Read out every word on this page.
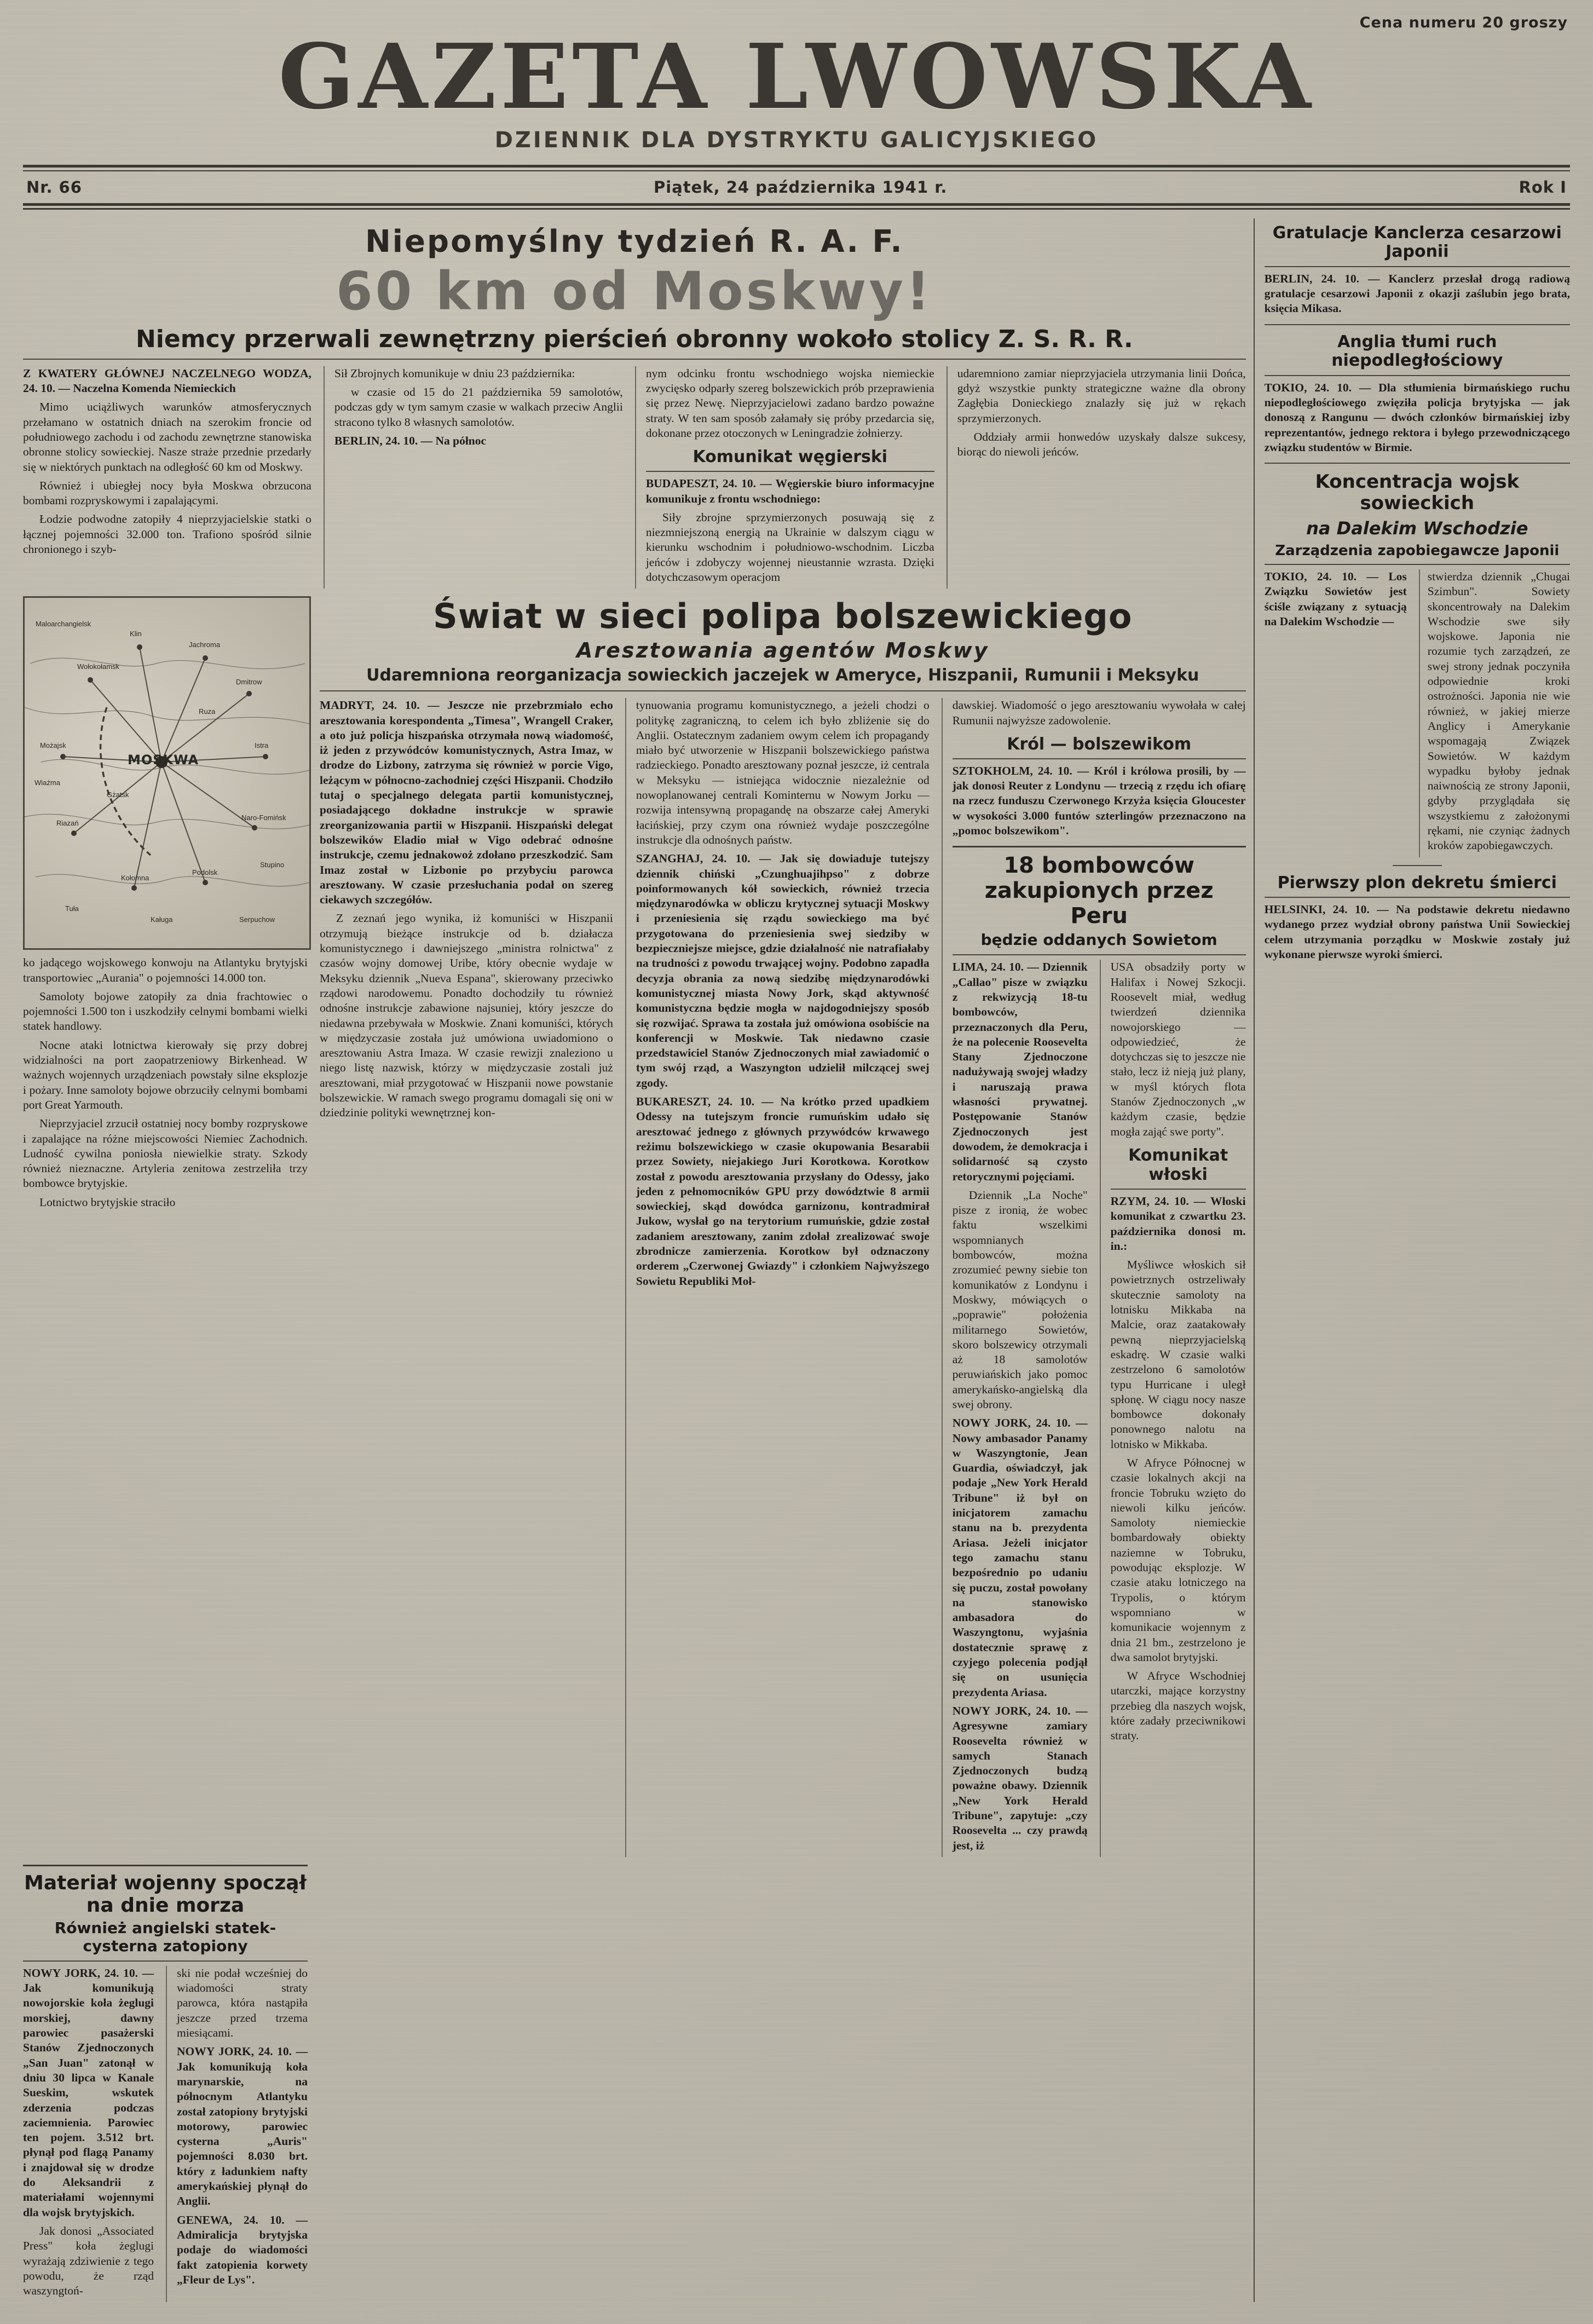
Cena numeru 20 groszy
GAZETA LWOWSKA
DZIENNIK DLA DYSTRYKTU GALICYJSKIEGO
Nr. 66	Piątek, 24 października 1941 r.	Rok I
Niepomyślny tydzień R. A. F.
60 km od Moskwy!
Niemcy przerwali zewnętrzny pierścień obronny wokoło stolicy Z. S. R. R.

Z KWATERY GŁÓWNEJ NACZELNEGO WODZA, 24. 10. — Naczelna Komenda Niemieckich

Mimo uciążliwych warunków atmosferycznych przełamano w ostatnich dniach na szerokim froncie od południowego zachodu i od zachodu zewnętrzne stanowiska obronne stolicy sowieckiej. Nasze straże przednie przedarły się w niektórych punktach na odległość 60 km od Moskwy.

Również i ubiegłej nocy była Moskwa obrzucona bombami rozpryskowymi i zapalającymi.

Łodzie podwodne zatopiły 4 nieprzyjacielskie statki o łącznej pojemności 32.000 ton. Trafiono spośród silnie chronionego i szyb-

Sił Zbrojnych komunikuje w dniu 23 października:

w czasie od 15 do 21 października 59 samolotów, podczas gdy w tym samym czasie w walkach przeciw Anglii stracono tylko 8 własnych samolotów.

BERLIN, 24. 10. — Na północ

nym odcinku frontu wschodniego wojska niemieckie zwycięsko odparły szereg bolszewickich prób przeprawienia się przez Newę. Nieprzyjacielowi zadano bardzo poważne straty. W ten sam sposób załamały się próby przedarcia się, dokonane przez otoczonych w Leningradzie żołnierzy.

Komunikat węgierski

BUDAPESZT, 24. 10. — Węgierskie biuro informacyjne komunikuje z frontu wschodniego:

Siły zbrojne sprzymierzonych posuwają się z niezmniejszoną energią na Ukrainie w dalszym ciągu w kierunku wschodnim i południowo-wschodnim. Liczba jeńców i zdobyczy wojennej nieustannie wzrasta. Dzięki dotychczasowym operacjom

udaremniono zamiar nieprzyjaciela utrzymania linii Dońca, gdyż wszystkie punkty strategiczne ważne dla obrony Zagłębia Donieckiego znalazły się już w rękach sprzymierzonych.

Oddziały armii honwedów uzyskały dalsze sukcesy, biorąc do niewoli jeńców.

Wołokołamsk
Klin
Jachroma
Dmitrow
Istra
Możajsk
Naro-Fomińsk
Podolsk
Kołomna
Riazań
Tuła
Kaługa	Serpuchow
Maloarchangielsk
Wiaźma
Gżatsk
Ruza
Stupino
MOSKWA

ko jadącego wojskowego konwoju na Atlantyku brytyjski transportowiec „Aurania" o pojemności 14.000 ton.

Samoloty bojowe zatopiły za dnia frachtowiec o pojemności 1.500 ton i uszkodziły celnymi bombami wielki statek handlowy.

Nocne ataki lotnictwa kierowały się przy dobrej widzialności na port zaopatrzeniowy Birkenhead. W ważnych wojennych urządzeniach powstały silne eksplozje i pożary. Inne samoloty bojowe obrzuciły celnymi bombami port Great Yarmouth.

Nieprzyjaciel zrzucił ostatniej nocy bomby rozpryskowe i zapalające na różne miejscowości Niemiec Zachodnich. Ludność cywilna poniosła niewielkie straty. Szkody również nieznaczne. Artyleria zenitowa zestrzeliła trzy bombowce brytyjskie.

Lotnictwo brytyjskie straciło

Świat w sieci polipa bolszewickiego
Aresztowania agentów Moskwy
Udaremniona reorganizacja sowieckich jaczejek w Ameryce, Hiszpanii, Rumunii i Meksyku

MADRYT, 24. 10. — Jeszcze nie przebrzmiało echo aresztowania korespondenta „Timesa", Wrangell Craker, a oto już policja hiszpańska otrzymała nową wiadomość, iż jeden z przywódców komunistycznych, Astra Imaz, w drodze do Lizbony, zatrzyma się również w porcie Vigo, leżącym w północno-zachodniej części Hiszpanii. Chodziło tutaj o specjalnego delegata partii komunistycznej, posiadającego dokładne instrukcje w sprawie zreorganizowania partii w Hiszpanii. Hiszpański delegat bolszewików Eladio miał w Vigo odebrać odnośne instrukcje, czemu jednakowoż zdołano przeszkodzić. Sam Imaz został w Lizbonie po przybyciu parowca aresztowany. W czasie przesłuchania podał on szereg ciekawych szczegółów.

Z zeznań jego wynika, iż komuniści w Hiszpanii otrzymują bieżące instrukcje od b. działacza komunistycznego i dawniejszego „ministra rolnictwa" z czasów wojny domowej Uribe, który obecnie wydaje w Meksyku dziennik „Nueva Espana", skierowany przeciwko rządowi narodowemu. Ponadto dochodziły tu również odnośne instrukcje zabawione najsuniej, który jeszcze do niedawna przebywała w Moskwie. Znani komuniści, których w międzyczasie została już umówiona uwiadomiono o aresztowaniu Astra Imaza. W czasie rewizji znaleziono u niego listę nazwisk, którzy w międzyczasie zostali już aresztowani, miał przygotować w Hiszpanii nowe powstanie bolszewickie. W ramach swego programu domagali się oni w dziedzinie polityki wewnętrznej kon-

tynuowania programu komunistycznego, a jeżeli chodzi o politykę zagraniczną, to celem ich było zbliżenie się do Anglii. Ostatecznym zadaniem owym celem ich propagandy miało być utworzenie w Hiszpanii bolszewickiego państwa radzieckiego. Ponadto aresztowany poznał jeszcze, iż centrala w Meksyku — istniejąca widocznie niezależnie od nowoplanowanej centrali Kominternu w Nowym Jorku — rozwija intensywną propagandę na obszarze całej Ameryki łacińskiej, przy czym ona również wydaje poszczególne instrukcje dla odnośnych państw.

SZANGHAJ, 24. 10. — Jak się dowiaduje tutejszy dziennik chiński „Czunghuajihpso" z dobrze poinformowanych kół sowieckich, również trzecia międzynarodówka w obliczu krytycznej sytuacji Moskwy i przeniesienia się rządu sowieckiego ma być przygotowana do przeniesienia swej siedziby w bezpieczniejsze miejsce, gdzie działalność nie natrafiałaby na trudności z powodu trwającej wojny. Podobno zapadła decyzja obrania za nową siedzibę międzynarodówki komunistycznej miasta Nowy Jork, skąd aktywność komunistyczna będzie mogła w najdogodniejszy sposób się rozwijać. Sprawa ta została już omówiona osobiście na konferencji w Moskwie. Tak niedawno czasie przedstawiciel Stanów Zjednoczonych miał zawiadomić o tym swój rząd, a Waszyngton udzielił milczącej swej zgody.

BUKARESZT, 24. 10. — Na krótko przed upadkiem Odessy na tutejszym froncie rumuńskim udało się aresztować jednego z głównych przywódców krwawego reżimu bolszewickiego w czasie okupowania Besarabii przez Sowiety, niejakiego Juri Korotkowa. Korotkow został z powodu aresztowania przysłany do Odessy, jako jeden z pełnomocników GPU przy dowództwie 8 armii sowieckiej, skąd dowódca garnizonu, kontradmirał Jukow, wysłał go na terytorium rumuńskie, gdzie został zadaniem aresztowany, zanim zdołał zrealizować swoje zbrodnicze zamierzenia. Korotkow był odznaczony orderem „Czerwonej Gwiazdy" i członkiem Najwyższego Sowietu Republiki Moł-

dawskiej. Wiadomość o jego aresztowaniu wywołała w całej Rumunii najwyższe zadowolenie.

Król — bolszewikom

SZTOKHOLM, 24. 10. — Król i królowa prosili, by — jak donosi Reuter z Londynu — trzecią z rzędu ich ofiarę na rzecz funduszu Czerwonego Krzyża księcia Gloucester w wysokości 3.000 funtów szterlingów przeznaczono na „pomoc bolszewikom".

18 bombowców zakupionych przez Peru
będzie oddanych Sowietom

LIMA, 24. 10. — Dziennik „Callao" pisze w związku z rekwizycją 18-tu bombowców, przeznaczonych dla Peru, że na polecenie Roosevelta Stany Zjednoczone nadużywają swojej władzy i naruszają prawa własności prywatnej. Postępowanie Stanów Zjednoczonych jest dowodem, że demokracja i solidarność są czysto retorycznymi pojęciami.

Dziennik „La Noche" pisze z ironią, że wobec faktu wszelkimi wspomnianych bombowców, można zrozumieć pewny siebie ton komunikatów z Londynu i Moskwy, mówiących o „poprawie" położenia militarnego Sowietów, skoro bolszewicy otrzymali aż 18 samolotów peruwiańskich jako pomoc amerykańsko-angielską dla swej obrony.

NOWY JORK, 24. 10. — Nowy ambasador Panamy w Waszyngtonie, Jean Guardia, oświadczył, jak podaje „New York Herald Tribune" iż był on inicjatorem zamachu stanu na b. prezydenta Ariasa. Jeżeli inicjator tego zamachu stanu bezpośrednio po udaniu się puczu, został powołany na stanowisko ambasadora do Waszyngtonu, wyjaśnia dostatecznie sprawę z czyjego polecenia podjął się on usunięcia prezydenta Ariasa.

NOWY JORK, 24. 10. — Agresywne zamiary Roosevelta również w samych Stanach Zjednoczonych budzą poważne obawy. Dziennik „New York Herald Tribune", zapytuje: „czy Roosevelta ... czy prawdą jest, iż

USA obsadziły porty w Halifax i Nowej Szkocji. Roosevelt miał, według twierdzeń dziennika nowojorskiego — odpowiedzieć, że dotychczas się to jeszcze nie stało, lecz iż nieją już plany, w myśl których flota Stanów Zjednoczonych „w każdym czasie, będzie mogła zająć swe porty".

Komunikat włoski

RZYM, 24. 10. — Włoski komunikat z czwartku 23. października donosi m. in.:

Myśliwce włoskich sił powietrznych ostrzeliwały skutecznie samoloty na lotnisku Mikkaba na Malcie, oraz zaatakowały pewną nieprzyjacielską eskadrę. W czasie walki zestrzelono 6 samolotów typu Hurricane i uległ spłonę. W ciągu nocy nasze bombowce dokonały ponownego nalotu na lotnisko w Mikkaba.

W Afryce Północnej w czasie lokalnych akcji na froncie Tobruku wzięto do niewoli kilku jeńców. Samoloty niemieckie bombardowały obiekty naziemne w Tobruku, powodując eksplozje. W czasie ataku lotniczego na Trypolis, o którym wspomniano w komunikacie wojennym z dnia 21 bm., zestrzelono je dwa samolot brytyjski.

W Afryce Wschodniej utarczki, mające korzystny przebieg dla naszych wojsk, które zadały przeciwnikowi straty.

Materiał wojenny spoczął na dnie morza
Również angielski statek-cysterna zatopiony

NOWY JORK, 24. 10. — Jak komunikują nowojorskie koła żeglugi morskiej, dawny parowiec pasażerski Stanów Zjednoczonych „San Juan" zatonął w dniu 30 lipca w Kanale Sueskim, wskutek zderzenia podczas zaciemnienia. Parowiec ten pojem. 3.512 brt. płynął pod flagą Panamy i znajdował się w drodze do Aleksandrii z materiałami wojennymi dla wojsk brytyjskich.

Jak donosi „Associated Press" koła żeglugi wyrażają zdziwienie z tego powodu, że rząd waszyngtoń-

ski nie podał wcześniej do wiadomości straty parowca, która nastąpiła jeszcze przed trzema miesiącami.

NOWY JORK, 24. 10. — Jak komunikują koła marynarskie, na północnym Atlantyku został zatopiony brytyjski motorowy, parowiec cysterna „Auris" pojemności 8.030 brt. który z ładunkiem nafty amerykańskiej płynął do Anglii.

GENEWA, 24. 10. — Admiralicja brytyjska podaje do wiadomości fakt zatopienia korwety „Fleur de Lys".

Gratulacje Kanclerza cesarzowi Japonii

BERLIN, 24. 10. — Kanclerz przesłał drogą radiową gratulacje cesarzowi Japonii z okazji zaślubin jego brata, księcia Mikasa.

Anglia tłumi ruch niepodległościowy

TOKIO, 24. 10. — Dla stłumienia birmańskiego ruchu niepodległościowego zwięziła policja brytyjska — jak donoszą z Rangunu — dwóch członków birmańskiej izby reprezentantów, jednego rektora i byłego przewodniczącego związku studentów w Birmie.

Koncentracja wojsk sowieckich
na Dalekim Wschodzie
Zarządzenia zapobiegawcze Japonii

TOKIO, 24. 10. — Los Związku Sowietów jest ściśle związany z sytuacją na Dalekim Wschodzie —

stwierdza dziennik „Chugai Szimbun". Sowiety skoncentrowały na Dalekim Wschodzie swe siły wojskowe. Japonia nie rozumie tych zarządzeń, ze swej strony jednak poczyniła odpowiednie kroki ostrożności. Japonia nie wie również, w jakiej mierze Anglicy i Amerykanie wspomagają Związek Sowietów. W każdym wypadku byłoby jednak naiwnością ze strony Japonii, gdyby przyglądała się wszystkiemu z założonymi rękami, nie czyniąc żadnych kroków zapobiegawczych.

Pierwszy plon dekretu śmierci

HELSINKI, 24. 10. — Na podstawie dekretu niedawno wydanego przez wydział obrony państwa Unii Sowieckiej celem utrzymania porządku w Moskwie zostały już wykonane pierwsze wyroki śmierci.
